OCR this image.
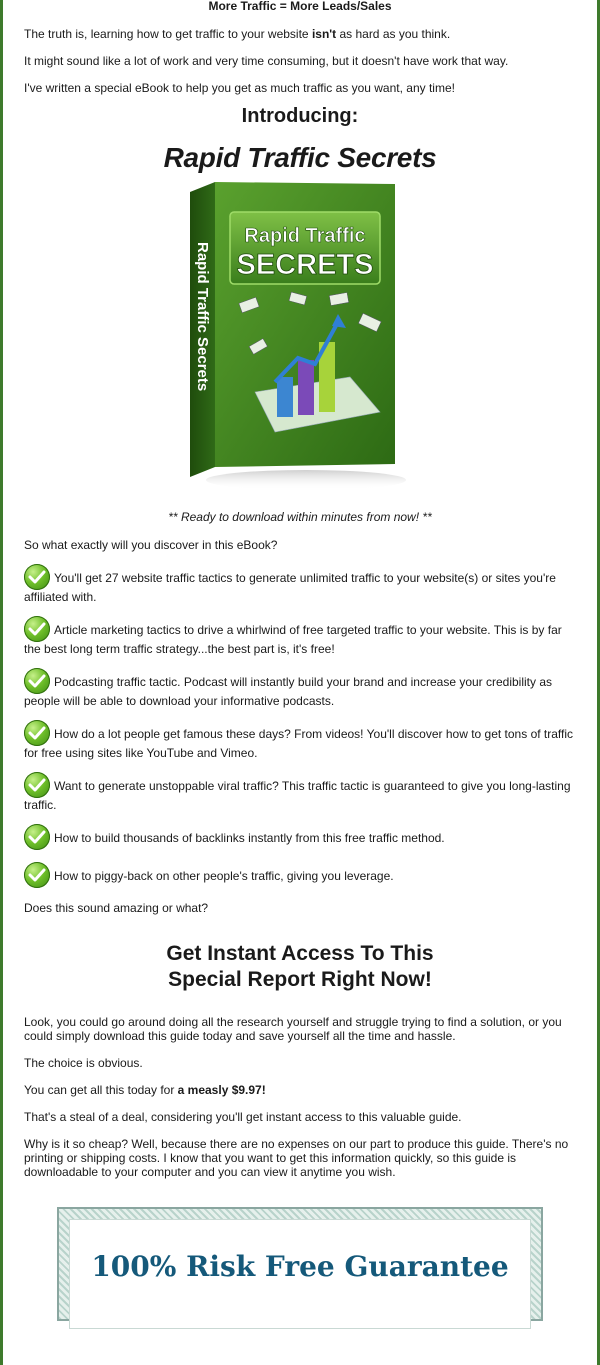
More Traffic = More Leads/Sales

The truth is, learning how to get traffic to your website isn't as hard as you think.

It might sound like a lot of work and very time consuming, but it doesn't have work that way.

I've written a special eBook to help you get as much traffic as you want, any time!

Introducing:
Rapid Traffic Secrets
Rapid Traffic
SECRETS
Rapid Traffic Secrets
** Ready to download within minutes from now! **

So what exactly will you discover in this eBook?

You'll get 27 website traffic tactics to generate unlimited traffic to your website(s) or sites you're affiliated with.
Article marketing tactics to drive a whirlwind of free targeted traffic to your website. This is by far the best long term traffic strategy...the best part is, it's free!
Podcasting traffic tactic. Podcast will instantly build your brand and increase your credibility as people will be able to download your informative podcasts.
How do a lot people get famous these days? From videos! You'll discover how to get tons of traffic for free using sites like YouTube and Vimeo.
Want to generate unstoppable viral traffic? This traffic tactic is guaranteed to give you long-lasting traffic.
How to build thousands of backlinks instantly from this free traffic method.
How to piggy-back on other people's traffic, giving you leverage.

Does this sound amazing or what?

Get Instant Access To This
Special Report Right Now!

Look, you could go around doing all the research yourself and struggle trying to find a solution, or you could simply download this guide today and save yourself all the time and hassle.

The choice is obvious.

You can get all this today for a measly $9.97!

That's a steal of a deal, considering you'll get instant access to this valuable guide.

Why is it so cheap? Well, because there are no expenses on our part to produce this guide. There's no printing or shipping costs. I know that you want to get this information quickly, so this guide is downloadable to your computer and you can view it anytime you wish.

100% Risk Free Guarantee
